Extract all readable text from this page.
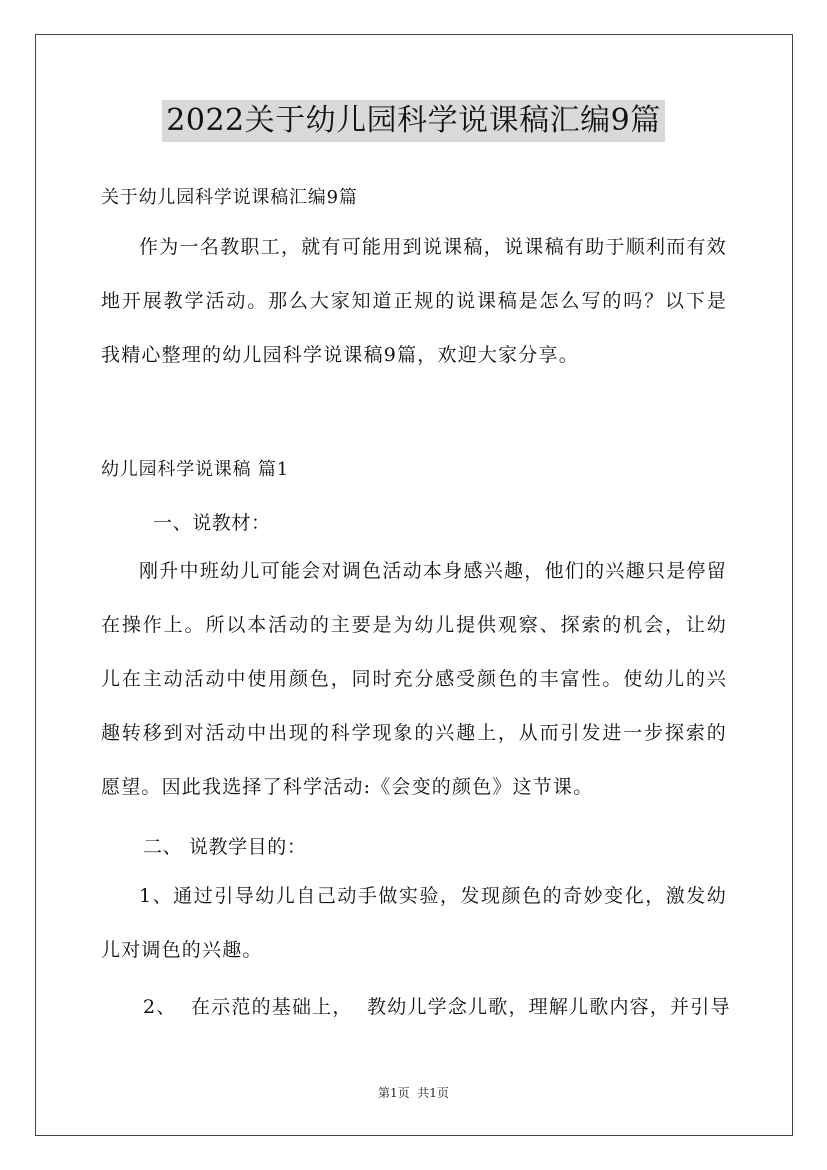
2022关于幼儿园科学说课稿汇编9篇
关于幼儿园科学说课稿汇编9篇
作为一名教职工，就有可能用到说课稿，说课稿有助于顺利而有效地开展教学活动。那么大家知道正规的说课稿是怎么写的吗？以下是我精心整理的幼儿园科学说课稿9篇，欢迎大家分享。
幼儿园科学说课稿 篇1
一、说教材：
刚升中班幼儿可能会对调色活动本身感兴趣，他们的兴趣只是停留在操作上。所以本活动的主要是为幼儿提供观察、探索的机会，让幼儿在主动活动中使用颜色，同时充分感受颜色的丰富性。使幼儿的兴趣转移到对活动中出现的科学现象的兴趣上，从而引发进一步探索的愿望。因此我选择了科学活动:《会变的颜色》这节课。
二、 说教学目的：
1、通过引导幼儿自己动手做实验，发现颜色的奇妙变化，激发幼儿对调色的兴趣。
2、  在示范的基础上，  教幼儿学念儿歌，理解儿歌内容，并引导
第1页  共1页
